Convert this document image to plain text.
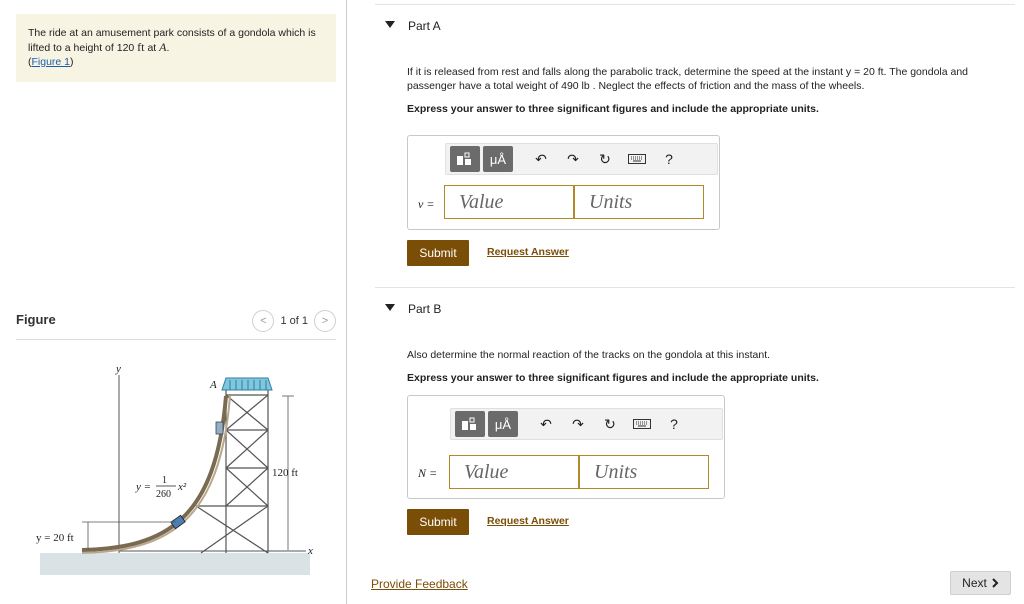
The ride at an amusement park consists of a gondola which is lifted to a height of 120 ft at A.
(Figure 1)
Figure	< 1 of 1 >
y
x
A
120 ft
y = 20 ft
y =
1
260
x²
Part A
If it is released from rest and falls along the parabolic track, determine the speed at the instant y = 20 ft. The gondola and passenger have a total weight of 490 lb . Neglect the effects of friction and the mass of the wheels.
Express your answer to three significant figures and include the appropriate units.
μÅ ↶ ↷ ↻	?
v =	Value	Units
Submit	Request Answer
Part B
Also determine the normal reaction of the tracks on the gondola at this instant.
Express your answer to three significant figures and include the appropriate units.
μÅ ↶ ↷ ↻	?
N =	Value	Units
Submit	Request Answer
Provide Feedback	Next
